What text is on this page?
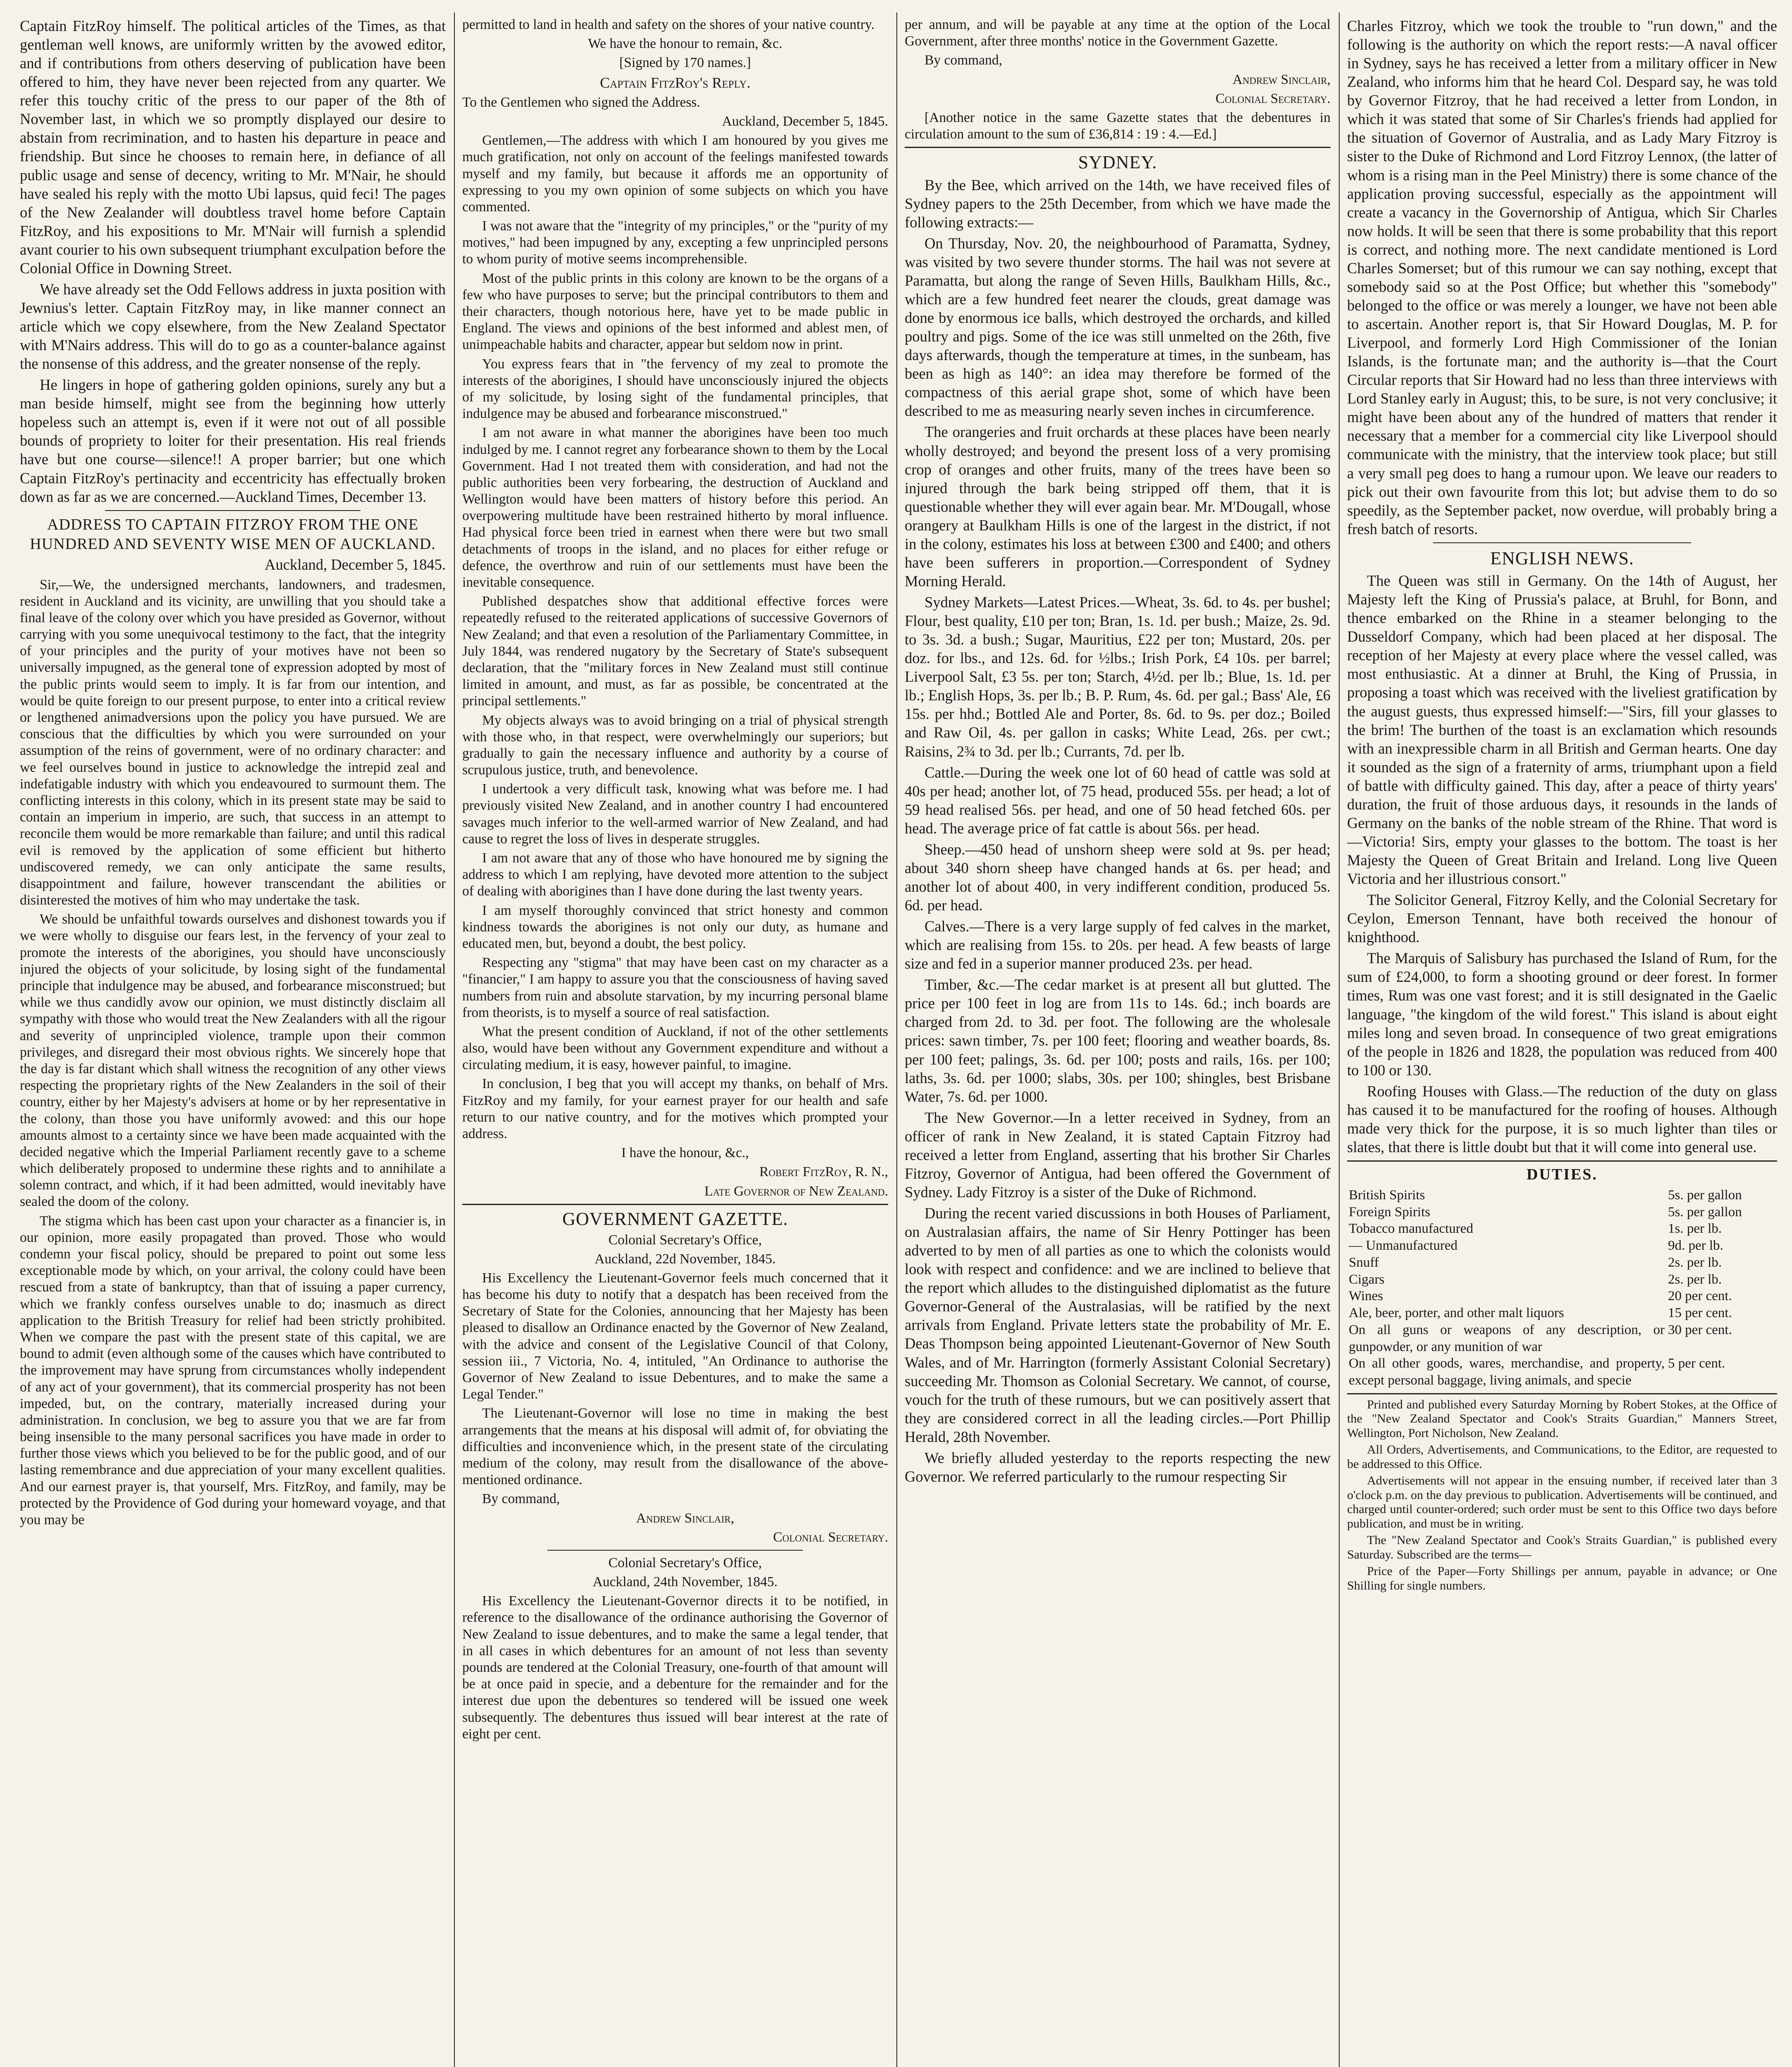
Captain FitzRoy himself. The political articles of the Times, as that gentleman well knows, are uniformly written by the avowed editor, and if contributions from others deserving of publication have been offered to him, they have never been rejected from any quarter. We refer this touchy critic of the press to our paper of the 8th of November last, in which we so promptly displayed our desire to abstain from recrimination, and to hasten his departure in peace and friendship. But since he chooses to remain here, in defiance of all public usage and sense of decency, writing to Mr. M'Nair, he should have sealed his reply with the motto Ubi lapsus, quid feci! The pages of the New Zealander will doubtless travel home before Captain FitzRoy, and his expositions to Mr. M'Nair will furnish a splendid avant courier to his own subsequent triumphant exculpation before the Colonial Office in Downing Street.

We have already set the Odd Fellows address in juxta position with Jewnius's letter. Captain FitzRoy may, in like manner connect an article which we copy elsewhere, from the New Zealand Spectator with M'Nairs address. This will do to go as a counter-balance against the nonsense of this address, and the greater nonsense of the reply.

He lingers in hope of gathering golden opinions, surely any but a man beside himself, might see from the beginning how utterly hopeless such an attempt is, even if it were not out of all possible bounds of propriety to loiter for their presentation. His real friends have but one course—silence!! A proper barrier; but one which Captain FitzRoy's pertinacity and eccentricity has effectually broken down as far as we are concerned.—Auckland Times, December 13.

ADDRESS TO CAPTAIN FITZROY FROM THE ONE HUNDRED AND SEVENTY WISE MEN OF AUCKLAND.

Auckland, December 5, 1845.

Sir,—We, the undersigned merchants, landowners, and tradesmen, resident in Auckland and its vicinity, are unwilling that you should take a final leave of the colony over which you have presided as Governor, without carrying with you some unequivocal testimony to the fact, that the integrity of your principles and the purity of your motives have not been so universally impugned, as the general tone of expression adopted by most of the public prints would seem to imply. It is far from our intention, and would be quite foreign to our present purpose, to enter into a critical review or lengthened animadversions upon the policy you have pursued. We are conscious that the difficulties by which you were surrounded on your assumption of the reins of government, were of no ordinary character: and we feel ourselves bound in justice to acknowledge the intrepid zeal and indefatigable industry with which you endeavoured to surmount them. The conflicting interests in this colony, which in its present state may be said to contain an imperium in imperio, are such, that success in an attempt to reconcile them would be more remarkable than failure; and until this radical evil is removed by the application of some efficient but hitherto undiscovered remedy, we can only anticipate the same results, disappointment and failure, however transcendant the abilities or disinterested the motives of him who may undertake the task.

We should be unfaithful towards ourselves and dishonest towards you if we were wholly to disguise our fears lest, in the fervency of your zeal to promote the interests of the aborigines, you should have unconsciously injured the objects of your solicitude, by losing sight of the fundamental principle that indulgence may be abused, and forbearance misconstrued; but while we thus candidly avow our opinion, we must distinctly disclaim all sympathy with those who would treat the New Zealanders with all the rigour and severity of unprincipled violence, trample upon their common privileges, and disregard their most obvious rights. We sincerely hope that the day is far distant which shall witness the recognition of any other views respecting the proprietary rights of the New Zealanders in the soil of their country, either by her Majesty's advisers at home or by her representative in the colony, than those you have uniformly avowed: and this our hope amounts almost to a certainty since we have been made acquainted with the decided negative which the Imperial Parliament recently gave to a scheme which deliberately proposed to undermine these rights and to annihilate a solemn contract, and which, if it had been admitted, would inevitably have sealed the doom of the colony.

The stigma which has been cast upon your character as a financier is, in our opinion, more easily propagated than proved. Those who would condemn your fiscal policy, should be prepared to point out some less exceptionable mode by which, on your arrival, the colony could have been rescued from a state of bankruptcy, than that of issuing a paper currency, which we frankly confess ourselves unable to do; inasmuch as direct application to the British Treasury for relief had been strictly prohibited. When we compare the past with the present state of this capital, we are bound to admit (even although some of the causes which have contributed to the improvement may have sprung from circumstances wholly independent of any act of your government), that its commercial prosperity has not been impeded, but, on the contrary, materially increased during your administration. In conclusion, we beg to assure you that we are far from being insensible to the many personal sacrifices you have made in order to further those views which you believed to be for the public good, and of our lasting remembrance and due appreciation of your many excellent qualities. And our earnest prayer is, that yourself, Mrs. FitzRoy, and family, may be protected by the Providence of God during your homeward voyage, and that you may be

permitted to land in health and safety on the shores of your native country.

We have the honour to remain, &c.

[Signed by 170 names.]

Captain FitzRoy's Reply.

To the Gentlemen who signed the Address.

Auckland, December 5, 1845.

Gentlemen,—The address with which I am honoured by you gives me much gratification, not only on account of the feelings manifested towards myself and my family, but because it affords me an opportunity of expressing to you my own opinion of some subjects on which you have commented.

I was not aware that the "integrity of my principles," or the "purity of my motives," had been impugned by any, excepting a few unprincipled persons to whom purity of motive seems incomprehensible.

Most of the public prints in this colony are known to be the organs of a few who have purposes to serve; but the principal contributors to them and their characters, though notorious here, have yet to be made public in England. The views and opinions of the best informed and ablest men, of unimpeachable habits and character, appear but seldom now in print.

You express fears that in "the fervency of my zeal to promote the interests of the aborigines, I should have unconsciously injured the objects of my solicitude, by losing sight of the fundamental principles, that indulgence may be abused and forbearance misconstrued."

I am not aware in what manner the aborigines have been too much indulged by me. I cannot regret any forbearance shown to them by the Local Government. Had I not treated them with consideration, and had not the public authorities been very forbearing, the destruction of Auckland and Wellington would have been matters of history before this period. An overpowering multitude have been restrained hitherto by moral influence. Had physical force been tried in earnest when there were but two small detachments of troops in the island, and no places for either refuge or defence, the overthrow and ruin of our settlements must have been the inevitable consequence.

Published despatches show that additional effective forces were repeatedly refused to the reiterated applications of successive Governors of New Zealand; and that even a resolution of the Parliamentary Committee, in July 1844, was rendered nugatory by the Secretary of State's subsequent declaration, that the "military forces in New Zealand must still continue limited in amount, and must, as far as possible, be concentrated at the principal settlements."

My objects always was to avoid bringing on a trial of physical strength with those who, in that respect, were overwhelmingly our superiors; but gradually to gain the necessary influence and authority by a course of scrupulous justice, truth, and benevolence.

I undertook a very difficult task, knowing what was before me. I had previously visited New Zealand, and in another country I had encountered savages much inferior to the well-armed warrior of New Zealand, and had cause to regret the loss of lives in desperate struggles.

I am not aware that any of those who have honoured me by signing the address to which I am replying, have devoted more attention to the subject of dealing with aborigines than I have done during the last twenty years.

I am myself thoroughly convinced that strict honesty and common kindness towards the aborigines is not only our duty, as humane and educated men, but, beyond a doubt, the best policy.

Respecting any "stigma" that may have been cast on my character as a "financier," I am happy to assure you that the consciousness of having saved numbers from ruin and absolute starvation, by my incurring personal blame from theorists, is to myself a source of real satisfaction.

What the present condition of Auckland, if not of the other settlements also, would have been without any Government expenditure and without a circulating medium, it is easy, however painful, to imagine.

In conclusion, I beg that you will accept my thanks, on behalf of Mrs. FitzRoy and my family, for your earnest prayer for our health and safe return to our native country, and for the motives which prompted your address.

I have the honour, &c.,

Robert FitzRoy, R. N.,

Late Governor of New Zealand.

GOVERNMENT GAZETTE.

Colonial Secretary's Office,

Auckland, 22d November, 1845.

His Excellency the Lieutenant-Governor feels much concerned that it has become his duty to notify that a despatch has been received from the Secretary of State for the Colonies, announcing that her Majesty has been pleased to disallow an Ordinance enacted by the Governor of New Zealand, with the advice and consent of the Legislative Council of that Colony, session iii., 7 Victoria, No. 4, intituled, "An Ordinance to authorise the Governor of New Zealand to issue Debentures, and to make the same a Legal Tender."

The Lieutenant-Governor will lose no time in making the best arrangements that the means at his disposal will admit of, for obviating the difficulties and inconvenience which, in the present state of the circulating medium of the colony, may result from the disallowance of the above-mentioned ordinance.

By command,

Andrew Sinclair,

Colonial Secretary.

Colonial Secretary's Office,

Auckland, 24th November, 1845.

His Excellency the Lieutenant-Governor directs it to be notified, in reference to the disallowance of the ordinance authorising the Governor of New Zealand to issue debentures, and to make the same a legal tender, that in all cases in which debentures for an amount of not less than seventy pounds are tendered at the Colonial Treasury, one-fourth of that amount will be at once paid in specie, and a debenture for the remainder and for the interest due upon the debentures so tendered will be issued one week subsequently. The debentures thus issued will bear interest at the rate of eight per cent.

per annum, and will be payable at any time at the option of the Local Government, after three months' notice in the Government Gazette.

By command,

Andrew Sinclair,

Colonial Secretary.

[Another notice in the same Gazette states that the debentures in circulation amount to the sum of £36,814 : 19 : 4.—Ed.]

SYDNEY.

By the Bee, which arrived on the 14th, we have received files of Sydney papers to the 25th December, from which we have made the following extracts:—

On Thursday, Nov. 20, the neighbourhood of Paramatta, Sydney, was visited by two severe thunder storms. The hail was not severe at Paramatta, but along the range of Seven Hills, Baulkham Hills, &c., which are a few hundred feet nearer the clouds, great damage was done by enormous ice balls, which destroyed the orchards, and killed poultry and pigs. Some of the ice was still unmelted on the 26th, five days afterwards, though the temperature at times, in the sunbeam, has been as high as 140°: an idea may therefore be formed of the compactness of this aerial grape shot, some of which have been described to me as measuring nearly seven inches in circumference.

The orangeries and fruit orchards at these places have been nearly wholly destroyed; and beyond the present loss of a very promising crop of oranges and other fruits, many of the trees have been so injured through the bark being stripped off them, that it is questionable whether they will ever again bear. Mr. M'Dougall, whose orangery at Baulkham Hills is one of the largest in the district, if not in the colony, estimates his loss at between £300 and £400; and others have been sufferers in proportion.—Correspondent of Sydney Morning Herald.

Sydney Markets—Latest Prices.—Wheat, 3s. 6d. to 4s. per bushel; Flour, best quality, £10 per ton; Bran, 1s. 1d. per bush.; Maize, 2s. 9d. to 3s. 3d. a bush.; Sugar, Mauritius, £22 per ton; Mustard, 20s. per doz. for lbs., and 12s. 6d. for ½lbs.; Irish Pork, £4 10s. per barrel; Liverpool Salt, £3 5s. per ton; Starch, 4½d. per lb.; Blue, 1s. 1d. per lb.; English Hops, 3s. per lb.; B. P. Rum, 4s. 6d. per gal.; Bass' Ale, £6 15s. per hhd.; Bottled Ale and Porter, 8s. 6d. to 9s. per doz.; Boiled and Raw Oil, 4s. per gallon in casks; White Lead, 26s. per cwt.; Raisins, 2¾ to 3d. per lb.; Currants, 7d. per lb.

Cattle.—During the week one lot of 60 head of cattle was sold at 40s per head; another lot, of 75 head, produced 55s. per head; a lot of 59 head realised 56s. per head, and one of 50 head fetched 60s. per head. The average price of fat cattle is about 56s. per head.

Sheep.—450 head of unshorn sheep were sold at 9s. per head; about 340 shorn sheep have changed hands at 6s. per head; and another lot of about 400, in very indifferent condition, produced 5s. 6d. per head.

Calves.—There is a very large supply of fed calves in the market, which are realising from 15s. to 20s. per head. A few beasts of large size and fed in a superior manner produced 23s. per head.

Timber, &c.—The cedar market is at present all but glutted. The price per 100 feet in log are from 11s to 14s. 6d.; inch boards are charged from 2d. to 3d. per foot. The following are the wholesale prices: sawn timber, 7s. per 100 feet; flooring and weather boards, 8s. per 100 feet; palings, 3s. 6d. per 100; posts and rails, 16s. per 100; laths, 3s. 6d. per 1000; slabs, 30s. per 100; shingles, best Brisbane Water, 7s. 6d. per 1000.

The New Governor.—In a letter received in Sydney, from an officer of rank in New Zealand, it is stated Captain Fitzroy had received a letter from England, asserting that his brother Sir Charles Fitzroy, Governor of Antigua, had been offered the Government of Sydney. Lady Fitzroy is a sister of the Duke of Richmond.

During the recent varied discussions in both Houses of Parliament, on Australasian affairs, the name of Sir Henry Pottinger has been adverted to by men of all parties as one to which the colonists would look with respect and confidence: and we are inclined to believe that the report which alludes to the distinguished diplomatist as the future Governor-General of the Australasias, will be ratified by the next arrivals from England. Private letters state the probability of Mr. E. Deas Thompson being appointed Lieutenant-Governor of New South Wales, and of Mr. Harrington (formerly Assistant Colonial Secretary) succeeding Mr. Thomson as Colonial Secretary. We cannot, of course, vouch for the truth of these rumours, but we can positively assert that they are considered correct in all the leading circles.—Port Phillip Herald, 28th November.

We briefly alluded yesterday to the reports respecting the new Governor. We referred particularly to the rumour respecting Sir

Charles Fitzroy, which we took the trouble to "run down," and the following is the authority on which the report rests:—A naval officer in Sydney, says he has received a letter from a military officer in New Zealand, who informs him that he heard Col. Despard say, he was told by Governor Fitzroy, that he had received a letter from London, in which it was stated that some of Sir Charles's friends had applied for the situation of Governor of Australia, and as Lady Mary Fitzroy is sister to the Duke of Richmond and Lord Fitzroy Lennox, (the latter of whom is a rising man in the Peel Ministry) there is some chance of the application proving successful, especially as the appointment will create a vacancy in the Governorship of Antigua, which Sir Charles now holds. It will be seen that there is some probability that this report is correct, and nothing more. The next candidate mentioned is Lord Charles Somerset; but of this rumour we can say nothing, except that somebody said so at the Post Office; but whether this "somebody" belonged to the office or was merely a lounger, we have not been able to ascertain. Another report is, that Sir Howard Douglas, M. P. for Liverpool, and formerly Lord High Commissioner of the Ionian Islands, is the fortunate man; and the authority is—that the Court Circular reports that Sir Howard had no less than three interviews with Lord Stanley early in August; this, to be sure, is not very conclusive; it might have been about any of the hundred of matters that render it necessary that a member for a commercial city like Liverpool should communicate with the ministry, that the interview took place; but still a very small peg does to hang a rumour upon. We leave our readers to pick out their own favourite from this lot; but advise them to do so speedily, as the September packet, now overdue, will probably bring a fresh batch of resorts.

ENGLISH NEWS.

The Queen was still in Germany. On the 14th of August, her Majesty left the King of Prussia's palace, at Bruhl, for Bonn, and thence embarked on the Rhine in a steamer belonging to the Dusseldorf Company, which had been placed at her disposal. The reception of her Majesty at every place where the vessel called, was most enthusiastic. At a dinner at Bruhl, the King of Prussia, in proposing a toast which was received with the liveliest gratification by the august guests, thus expressed himself:—"Sirs, fill your glasses to the brim! The burthen of the toast is an exclamation which resounds with an inexpressible charm in all British and German hearts. One day it sounded as the sign of a fraternity of arms, triumphant upon a field of battle with difficulty gained. This day, after a peace of thirty years' duration, the fruit of those arduous days, it resounds in the lands of Germany on the banks of the noble stream of the Rhine. That word is—Victoria! Sirs, empty your glasses to the bottom. The toast is her Majesty the Queen of Great Britain and Ireland. Long live Queen Victoria and her illustrious consort."

The Solicitor General, Fitzroy Kelly, and the Colonial Secretary for Ceylon, Emerson Tennant, have both received the honour of knighthood.

The Marquis of Salisbury has purchased the Island of Rum, for the sum of £24,000, to form a shooting ground or deer forest. In former times, Rum was one vast forest; and it is still designated in the Gaelic language, "the kingdom of the wild forest." This island is about eight miles long and seven broad. In consequence of two great emigrations of the people in 1826 and 1828, the population was reduced from 400 to 100 or 130.

Roofing Houses with Glass.—The reduction of the duty on glass has caused it to be manufactured for the roofing of houses. Although made very thick for the purpose, it is so much lighter than tiles or slates, that there is little doubt but that it will come into general use.

DUTIES.
British Spirits	5s. per gallon
Foreign Spirits	5s. per gallon
Tobacco manufactured	1s. per lb.
— Unmanufactured	9d. per lb.
Snuff	2s. per lb.
Cigars	2s. per lb.
Wines	20 per cent.
Ale, beer, porter, and other malt liquors	15 per cent.
On all guns or weapons of any description, or gunpowder, or any munition of war	30 per cent.
On all other goods, wares, merchandise, and property, except personal baggage, living animals, and specie	5 per cent.

Printed and published every Saturday Morning by Robert Stokes, at the Office of the "New Zealand Spectator and Cook's Straits Guardian," Manners Street, Wellington, Port Nicholson, New Zealand.

All Orders, Advertisements, and Communications, to the Editor, are requested to be addressed to this Office.

Advertisements will not appear in the ensuing number, if received later than 3 o'clock p.m. on the day previous to publication. Advertisements will be continued, and charged until counter-ordered; such order must be sent to this Office two days before publication, and must be in writing.

The "New Zealand Spectator and Cook's Straits Guardian," is published every Saturday. Subscribed are the terms—

Price of the Paper—Forty Shillings per annum, payable in advance; or One Shilling for single numbers.
